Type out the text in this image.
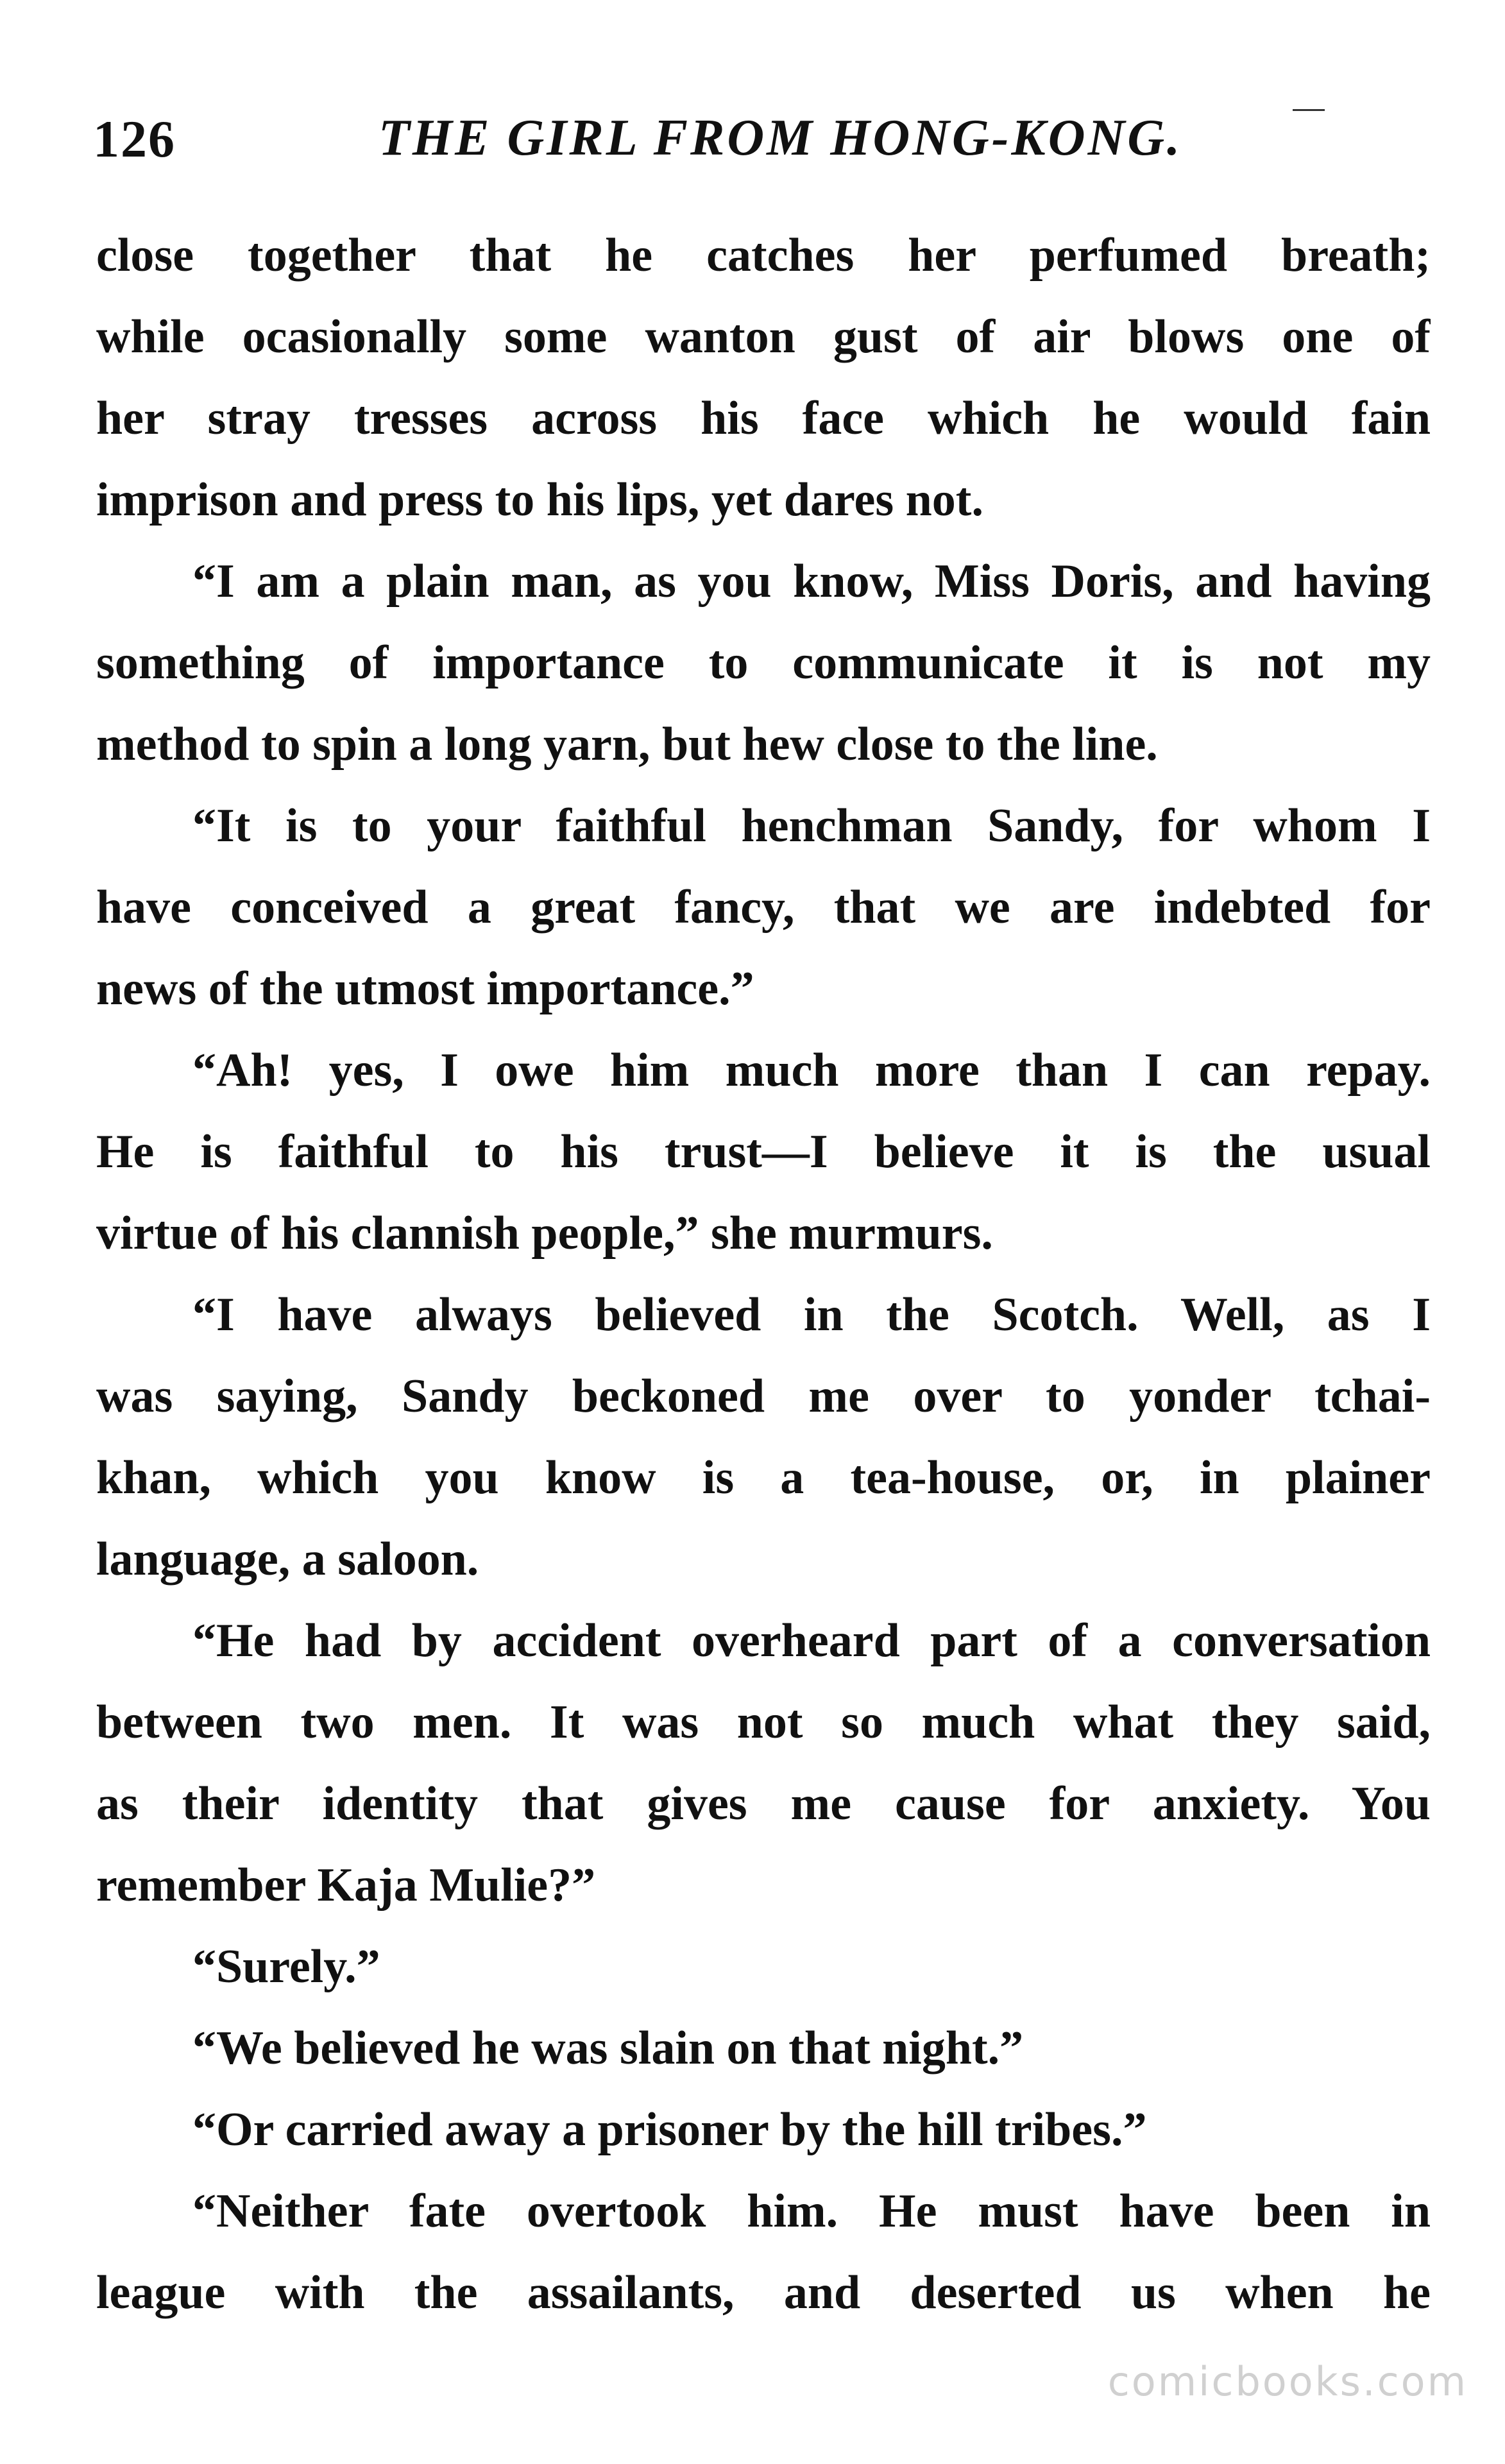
126	THE GIRL FROM HONG-KONG.
close together that he catches her perfumed breath;
while ocasionally some wanton gust of air blows one of
her stray tresses across his face which he would fain
imprison and press to his lips, yet dares not.
“I am a plain man, as you know, Miss Doris, and having
something of importance to communicate it is not my
method to spin a long yarn, but hew close to the line.
“It is to your faithful henchman Sandy, for whom I
have conceived a great fancy, that we are indebted for
news of the utmost importance.”
“Ah! yes, I owe him much more than I can repay.
He is faithful to his trust—I believe it is the usual
virtue of his clannish people,” she murmurs.
“I have always believed in the Scotch. Well, as I
was saying, Sandy beckoned me over to yonder tchai-
khan, which you know is a tea-house, or, in plainer
language, a saloon.
“He had by accident overheard part of a conversation
between two men. It was not so much what they said,
as their identity that gives me cause for anxiety. You
remember Kaja Mulie?”
“Surely.”
“We believed he was slain on that night.”
“Or carried away a prisoner by the hill tribes.”
“Neither fate overtook him. He must have been in
league with the assailants, and deserted us when he
comicbooks.com
